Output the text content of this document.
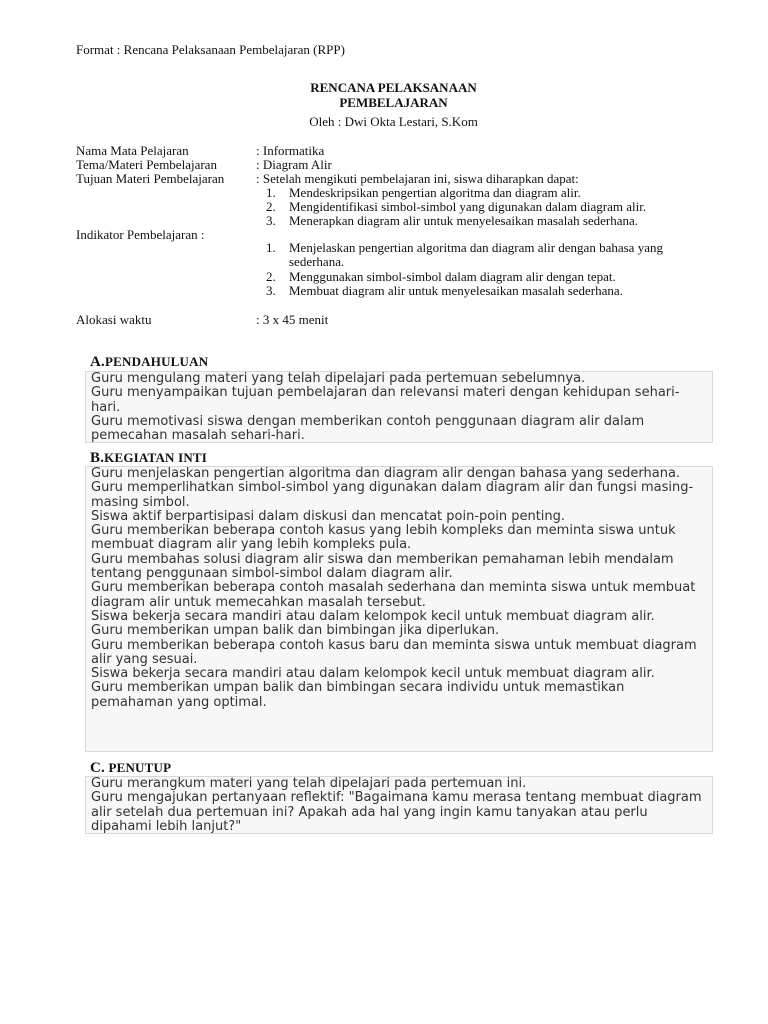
Format : Rencana Pelaksanaan Pembelajaran (RPP)
RENCANA PELAKSANAAN
PEMBELAJARAN
Oleh : Dwi Okta Lestari, S.Kom
Nama Mata Pelajaran	: Informatika
Tema/Materi Pembelajaran	: Diagram Alir
Tujuan Materi Pembelajaran : Setelah mengikuti pembelajaran ini, siswa diharapkan dapat:
1. Mendeskripsikan pengertian algoritma dan diagram alir.
2. Mengidentifikasi simbol-simbol yang digunakan dalam diagram alir.
3. Menerapkan diagram alir untuk menyelesaikan masalah sederhana.
Indikator Pembelajaran :
1. Menjelaskan pengertian algoritma dan diagram alir dengan bahasa yang sederhana.
2. Menggunakan simbol-simbol dalam diagram alir dengan tepat.
3. Membuat diagram alir untuk menyelesaikan masalah sederhana.
Alokasi waktu	: 3 x 45 menit
A.PENDAHULUAN

Guru mengulang materi yang telah dipelajari pada pertemuan sebelumnya.

Guru menyampaikan tujuan pembelajaran dan relevansi materi dengan kehidupan sehari-hari.

Guru memotivasi siswa dengan memberikan contoh penggunaan diagram alir dalam pemecahan masalah sehari-hari.

B.KEGIATAN INTI

Guru menjelaskan pengertian algoritma dan diagram alir dengan bahasa yang sederhana.

Guru memperlihatkan simbol-simbol yang digunakan dalam diagram alir dan fungsi masing-masing simbol.

Siswa aktif berpartisipasi dalam diskusi dan mencatat poin-poin penting.

Guru memberikan beberapa contoh kasus yang lebih kompleks dan meminta siswa untuk membuat diagram alir yang lebih kompleks pula.

Guru membahas solusi diagram alir siswa dan memberikan pemahaman lebih mendalam tentang penggunaan simbol-simbol dalam diagram alir.

Guru memberikan beberapa contoh masalah sederhana dan meminta siswa untuk membuat diagram alir untuk memecahkan masalah tersebut.

Siswa bekerja secara mandiri atau dalam kelompok kecil untuk membuat diagram alir.

Guru memberikan umpan balik dan bimbingan jika diperlukan.

Guru memberikan beberapa contoh kasus baru dan meminta siswa untuk membuat diagram alir yang sesuai.

Siswa bekerja secara mandiri atau dalam kelompok kecil untuk membuat diagram alir.

Guru memberikan umpan balik dan bimbingan secara individu untuk memastikan pemahaman yang optimal.

C. PENUTUP

Guru merangkum materi yang telah dipelajari pada pertemuan ini.

Guru mengajukan pertanyaan reflektif: "Bagaimana kamu merasa tentang membuat diagram alir setelah dua pertemuan ini? Apakah ada hal yang ingin kamu tanyakan atau perlu dipahami lebih lanjut?"
